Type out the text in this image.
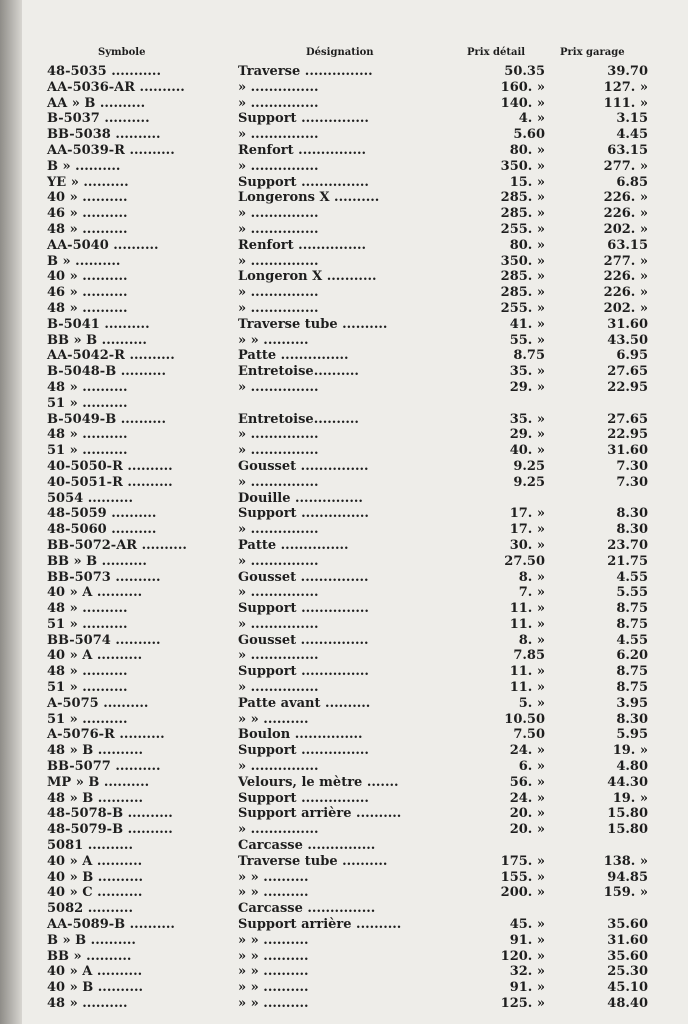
Symbole	Désignation	Prix détail	Prix garage
48-5035 ...........	Traverse ...............	50.35	39.70
AA-5036-AR ..........	» ...............	160. »	127. »
AA » B ..........	» ...............	140. »	111. »
B-5037 ..........	Support ...............	4. »	3.15
BB-5038 ..........	» ...............	5.60	4.45
AA-5039-R ..........	Renfort ...............	80. »	63.15
B » ..........	» ...............	350. »	277. »
YE » ..........	Support ...............	15. »	6.85
40 » ..........	Longerons X ..........	285. »	226. »
46 » ..........	» ...............	285. »	226. »
48 » ..........	» ...............	255. »	202. »
AA-5040 ..........	Renfort ...............	80. »	63.15
B » ..........	» ...............	350. »	277. »
40 » ..........	Longeron X ...........	285. »	226. »
46 » ..........	» ...............	285. »	226. »
48 » ..........	» ...............	255. »	202. »
B-5041 ..........	Traverse tube ..........	41. »	31.60
BB » B ..........	» » ..........	55. »	43.50
AA-5042-R ..........	Patte ...............	8.75	6.95
B-5048-B ..........	Entretoise..........	35. »	27.65
48 » ..........	» ...............	29. »	22.95
51 » ..........
B-5049-B ..........	Entretoise..........	35. »	27.65
48 » ..........	» ...............	29. »	22.95
51 » ..........	» ...............	40. »	31.60
40-5050-R ..........	Gousset ...............	9.25	7.30
40-5051-R ..........	» ...............	9.25	7.30
5054 ..........	Douille ...............
48-5059 ..........	Support ...............	17. »	8.30
48-5060 ..........	» ...............	17. »	8.30
BB-5072-AR ..........	Patte ...............	30. »	23.70
BB » B ..........	» ...............	27.50	21.75
BB-5073 ..........	Gousset ...............	8. »	4.55
40 » A ..........	» ...............	7. »	5.55
48 » ..........	Support ...............	11. »	8.75
51 » ..........	» ...............	11. »	8.75
BB-5074 ..........	Gousset ...............	8. »	4.55
40 » A ..........	» ...............	7.85	6.20
48 » ..........	Support ...............	11. »	8.75
51 » ..........	» ...............	11. »	8.75
A-5075 ..........	Patte avant ..........	5. »	3.95
51 » ..........	» » ..........	10.50	8.30
A-5076-R ..........	Boulon ...............	7.50	5.95
48 » B ..........	Support ...............	24. »	19. »
BB-5077 ..........	» ...............	6. »	4.80
MP » B ..........	Velours, le mètre .......	56. »	44.30
48 » B ..........	Support ...............	24. »	19. »
48-5078-B ..........	Support arrière ..........	20. »	15.80
48-5079-B ..........	» ...............	20. »	15.80
5081 ..........	Carcasse ...............
40 » A ..........	Traverse tube ..........	175. »	138. »
40 » B ..........	» » ..........	155. »	94.85
40 » C ..........	» » ..........	200. »	159. »
5082 ..........	Carcasse ...............
AA-5089-B ..........	Support arrière ..........	45. »	35.60
B » B ..........	» » ..........	91. »	31.60
BB » ..........	» » ..........	120. »	35.60
40 » A ..........	» » ..........	32. »	25.30
40 » B ..........	» » ..........	91. »	45.10
48 » ..........	» » ..........	125. »	48.40
